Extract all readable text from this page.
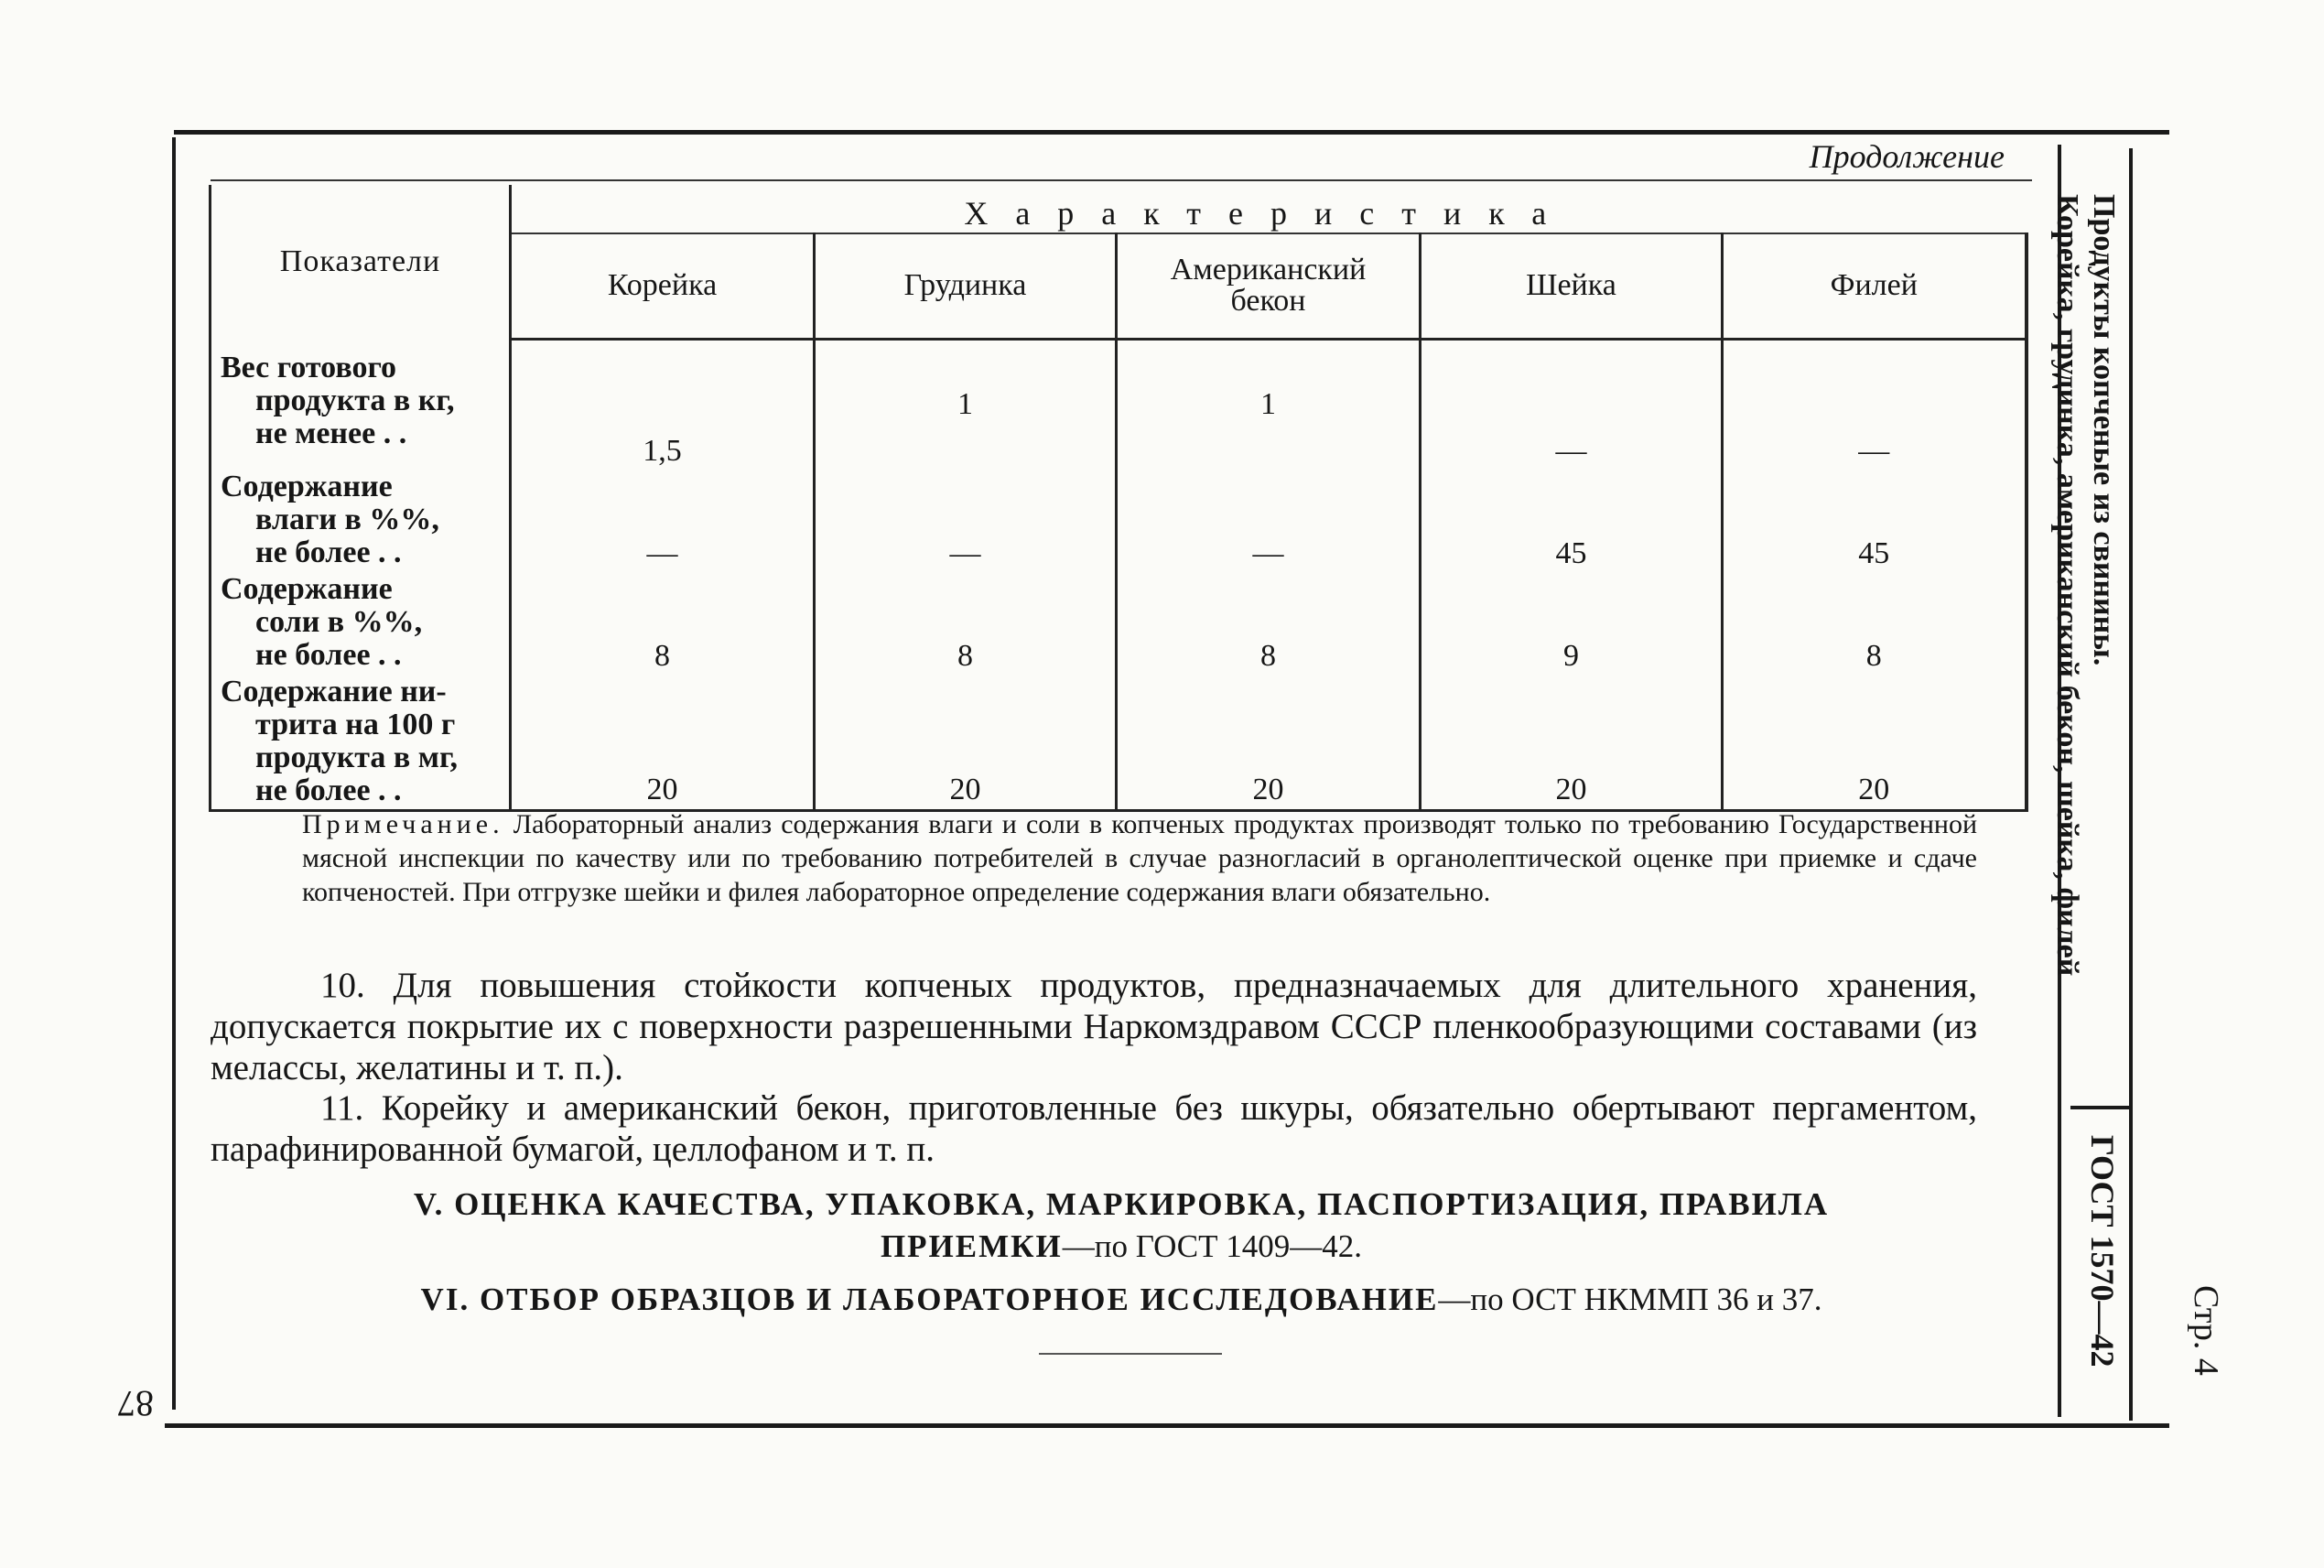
Продолжение
Показатели	Характеристика				
	Корейка	Грудинка	Американский бекон	Шейка	Филей
Вес готового
продукта в кг,
не менее . .	1,5	1	1	—	—
Содержание
влаги в %%,
не более . .	—	—	—	45	45
Содержание
соли в %%,
не более . .	8	8	8	9	8
Содержание ни-
трита на 100 г
продукта в мг,
не более . .	20	20	20	20	20
Примечание. Лабораторный анализ содержания влаги и соли в копченых продуктах производят только по требованию Государственной мясной инспекции по качеству или по требованию потребителей в случае разногласий в органолептической оценке при приемке и сдаче копченостей. При отгрузке шейки и филея лабораторное определение содержания влаги обязательно.
10. Для повышения стойкости копченых продуктов, предназначаемых для длительного хранения, допускается покрытие их с поверхности разрешенными Наркомздравом СССР пленкообразующими составами (из мелассы, желатины и т. п.).
11. Корейку и американский бекон, приготовленные без шкуры, обязательно обертывают пергаментом, парафинированной бумагой, целлофаном и т. п.
V. ОЦЕНКА КАЧЕСТВА, УПАКОВКА, МАРКИРОВКА, ПАСПОРТИЗАЦИЯ, ПРАВИЛА
ПРИЕМКИ—по ГОСТ 1409—42.
VI. ОТБОР ОБРАЗЦОВ И ЛАБОРАТОРНОЕ ИССЛЕДОВАНИЕ—по ОСТ НКММП 36 и 37.
Продукты копченые из свинины.
Корейка, грудинка, американский бекон, шейка, филей
ГОСТ 1570—42 Стр. 4
87
